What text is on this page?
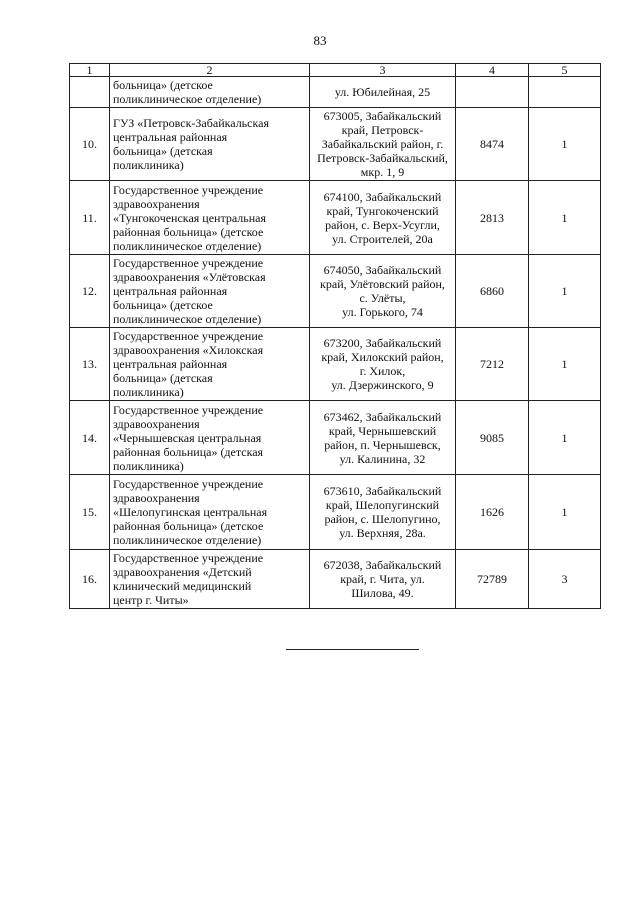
83
1	2	3	4	5
	больница» (детское
поликлиническое отделение)	ул. Юбилейная, 25		
10.	ГУЗ «Петровск-Забайкальская
центральная районная
больница» (детская
поликлиника)	673005, Забайкальский
край, Петровск-
Забайкальский район, г.
Петровск-Забайкальский,
мкр. 1, 9	8474	1
11.	Государственное учреждение
здравоохранения
«Тунгокоченская центральная
районная больница» (детское
поликлиническое отделение)	674100, Забайкальский
край, Тунгокоченский
район, с. Верх-Усугли,
ул. Строителей, 20а	2813	1
12.	Государственное учреждение
здравоохранения «Улётовская
центральная районная
больница» (детское
поликлиническое отделение)	674050, Забайкальский
край, Улётовский район,
с. Улёты,
ул. Горького, 74	6860	1
13.	Государственное учреждение
здравоохранения «Хилокская
центральная районная
больница» (детская
поликлиника)	673200, Забайкальский
край, Хилокский район,
г. Хилок,
ул. Дзержинского, 9	7212	1
14.	Государственное учреждение
здравоохранения
«Чернышевская центральная
районная больница» (детская
поликлиника)	673462, Забайкальский
край, Чернышевский
район, п. Чернышевск,
ул. Калинина, 32	9085	1
15.	Государственное учреждение
здравоохранения
«Шелопугинская центральная
районная больница» (детское
поликлиническое отделение)	673610, Забайкальский
край, Шелопугинский
район, с. Шелопугино,
ул. Верхняя, 28а.	1626	1
16.	Государственное учреждение
здравоохранения «Детский
клинический медицинский
центр г. Читы»	672038, Забайкальский
край, г. Чита, ул.
Шилова, 49.	72789	3
